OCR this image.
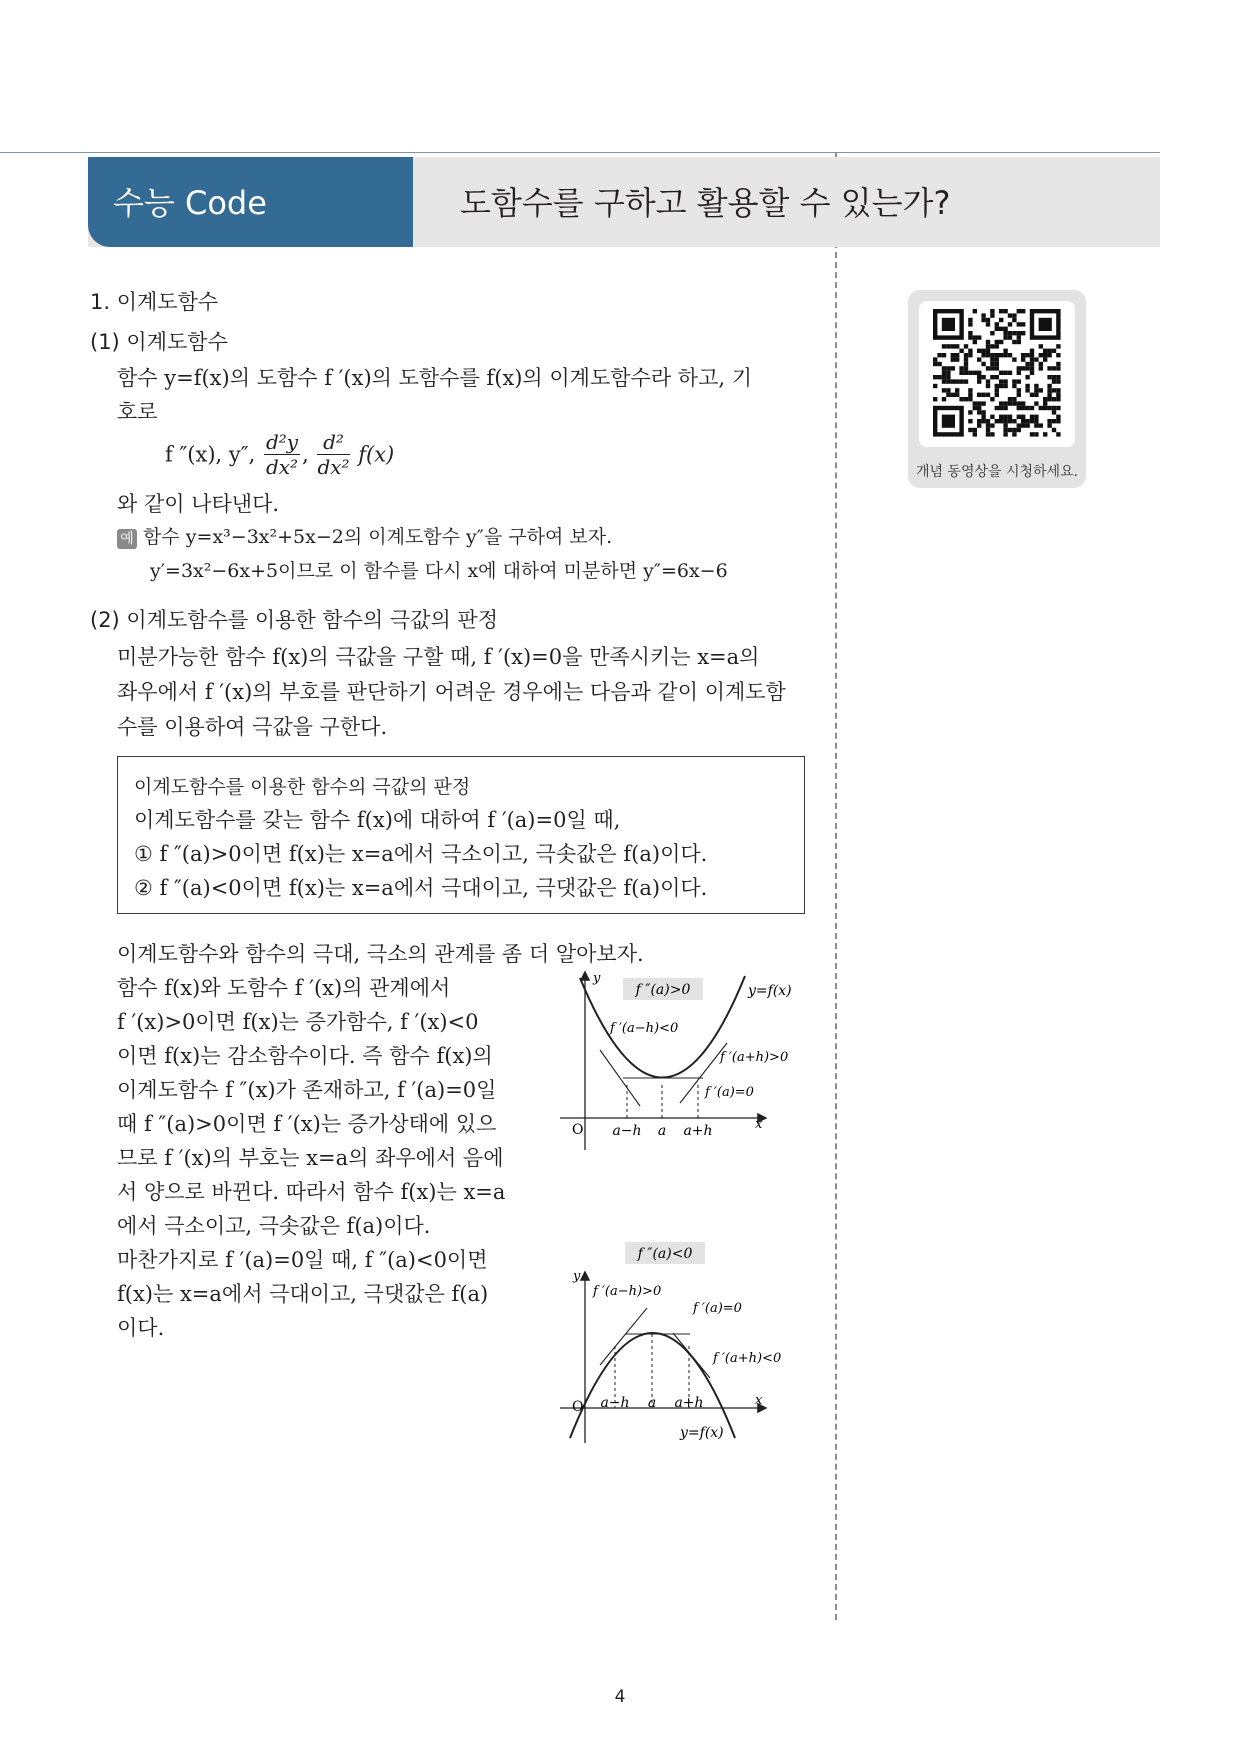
수능 Code	도함수를 구하고 활용할 수 있는가?
개념 동영상을 시청하세요.
1. 이계도함수
(1) 이계도함수
함수 y=f(x)의 도함수 f ′(x)의 도함수를 f(x)의 이계도함수라 하고, 기
호로
f ″(x), y″, $\frac{\text{d²y}}{\text{dx²}}$ , $\frac{\text{d²}}{\text{dx²}} f(x)$
와 같이 나타낸다.
예 함수 y=x³−3x²+5x−2의 이계도함수 y″을 구하여 보자.
y′=3x²−6x+5이므로 이 함수를 다시 x에 대하여 미분하면 y″=6x−6
(2) 이계도함수를 이용한 함수의 극값의 판정
미분가능한 함수 f(x)의 극값을 구할 때, f ′(x)=0을 만족시키는 x=a의
좌우에서 f ′(x)의 부호를 판단하기 어려운 경우에는 다음과 같이 이계도함
수를 이용하여 극값을 구한다.
이계도함수를 이용한 함수의 극값의 판정
이계도함수를 갖는 함수 f(x)에 대하여 f ′(a)=0일 때,
① f ″(a)>0이면 f(x)는 x=a에서 극소이고, 극솟값은 f(a)이다.
② f ″(a)<0이면 f(x)는 x=a에서 극대이고, 극댓값은 f(a)이다.
이계도함수와 함수의 극대, 극소의 관계를 좀 더 알아보자.
함수 f(x)와 도함수 f ′(x)의 관계에서
f ′(x)>0이면 f(x)는 증가함수, f ′(x)<0
이면 f(x)는 감소함수이다. 즉 함수 f(x)의
이계도함수 f ″(x)가 존재하고, f ′(a)=0일
때 f ″(a)>0이면 f ′(x)는 증가상태에 있으
므로 f ′(x)의 부호는 x=a의 좌우에서 음에
서 양으로 바뀐다. 따라서 함수 f(x)는 x=a
에서 극소이고, 극솟값은 f(a)이다.
마찬가지로 f ′(a)=0일 때, f ″(a)<0이면
f(x)는 x=a에서 극대이고, 극댓값은 f(a)
이다.
f ″(a)>0
y
x
O
y=f(x)
f ′(a−h)<0
f ′(a+h)>0
f ′(a)=0
a−h a a+h
f ″(a)<0
y
x
O
y=f(x)
f ′(a−h)>0
f ′(a)=0
f ′(a+h)<0
a−h a a+h
4
